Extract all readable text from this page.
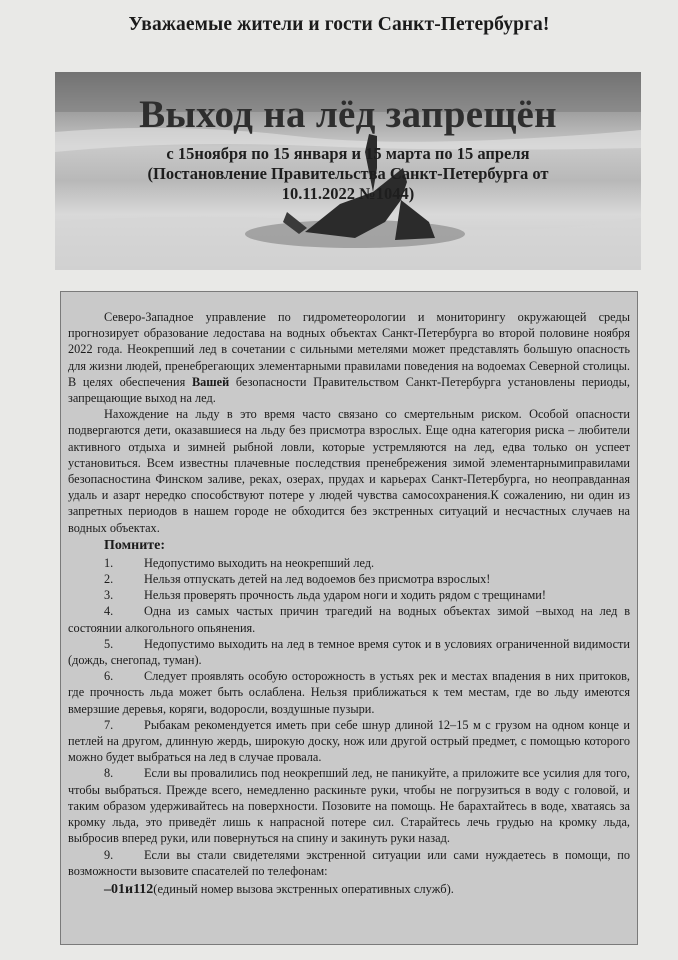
Уважаемые жители и гости Санкт-Петербурга!
Выход на лёд запрещён
с 15ноября по 15 января и 15 марта по 15 апреля
(Постановление Правительства Санкт-Петербурга от
10.11.2022 №1044)

Северо-Западное управление по гидрометеорологии и мониторингу окружающей среды прогнозирует образование ледостава на водных объектах Санкт-Петербурга во второй половине ноября 2022 года. Неокрепший лед в сочетании с сильными метелями может представлять большую опасность для жизни людей, пренебрегающих элементарными правилами поведения на водоемах Северной столицы. В целях обеспечения Вашей безопасности Правительством Санкт-Петербурга установлены периоды, запрещающие выход на лед.

Нахождение на льду в это время часто связано со смертельным риском. Особой опасности подвергаются дети, оказавшиеся на льду без присмотра взрослых. Еще одна категория риска – любители активного отдыха и зимней рыбной ловли, которые устремляются на лед, едва только он успеет установиться. Всем известны плачевные последствия пренебрежения зимой элементарнымиправилами безопасностина Финском заливе, реках, озерах, прудах и карьерах Санкт-Петербурга, но неоправданная удаль и азарт нередко способствуют потере у людей чувства самосохранения.К сожалению, ни один из запретных периодов в нашем городе не обходится без экстренных ситуаций и несчастных случаев на водных объектах.

Помните:

1.	Недопустимо выходить на неокрепший лед.

2.	Нельзя отпускать детей на лед водоемов без присмотра взрослых!

3.	Нельзя проверять прочность льда ударом ноги и ходить рядом с трещинами!

4.	Одна из самых частых причин трагедий на водных объектах зимой –выход на лед в состоянии алкогольного опьянения.

5.	Недопустимо выходить на лед в темное время суток и в условиях ограниченной видимости (дождь, снегопад, туман).

6.	Следует проявлять особую осторожность в устьях рек и местах впадения в них притоков, где прочность льда может быть ослаблена. Нельзя приближаться к тем местам, где во льду имеются вмерзшие деревья, коряги, водоросли, воздушные пузыри.

7.	Рыбакам рекомендуется иметь при себе шнур длиной 12–15 м с грузом на одном конце и петлей на другом, длинную жердь, широкую доску, нож или другой острый предмет, с помощью которого можно будет выбраться на лед в случае провала.

8.	Если вы провалились под неокрепший лед, не паникуйте, а приложите все усилия для того, чтобы выбраться. Прежде всего, немедленно раскиньте руки, чтобы не погрузиться в воду с головой, и таким образом удерживайтесь на поверхности. Позовите на помощь. Не барахтайтесь в воде, хватаясь за кромку льда, это приведёт лишь к напрасной потере сил. Старайтесь лечь грудью на кромку льда, выбросив вперед руки, или повернуться на спину и закинуть руки назад.

9.	Если вы стали свидетелями экстренной ситуации или сами нуждаетесь в помощи, по возможности вызовите спасателей по телефонам:

–01и112(единый номер вызова экстренных оперативных служб).
